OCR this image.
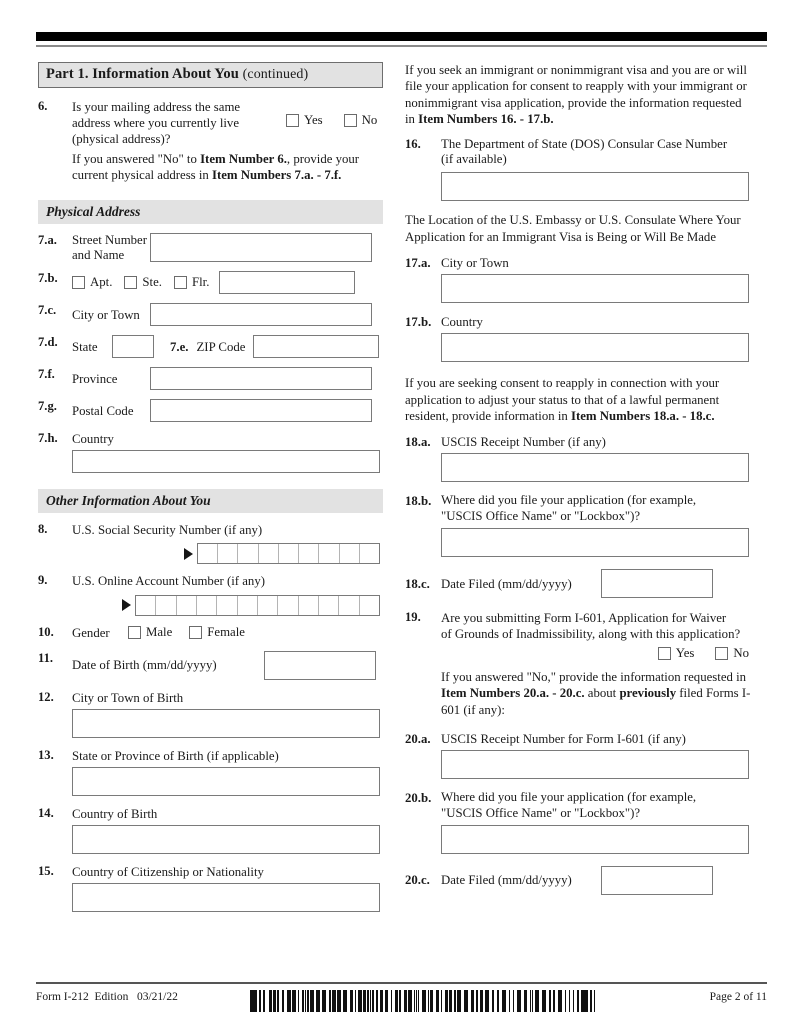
Part 1. Information About You (continued)
6. Is your mailing address the same address where you currently live (physical address)?
Yes
	No
If you answered "No" to Item Number 6., provide your current physical address in Item Numbers 7.a. - 7.f.
Physical Address
7.a. Street Number
and Name
7.b.	Apt. Ste. Flr.
7.c. City or Town
7.d. State	7.e. ZIP Code
7.f. Province
7.g. Postal Code
7.h. Country
Other Information About You
8. U.S. Social Security Number (if any)
9. U.S. Online Account Number (if any)
10. Gender	Male	Female
11.
Date of Birth (mm/dd/yyyy)
12. City or Town of Birth
13. State or Province of Birth (if applicable)
14. Country of Birth
15. Country of Citizenship or Nationality
If you seek an immigrant or nonimmigrant visa and you are or will file your application for consent to reapply with your immigrant or nonimmigrant visa application, provide the information requested in Item Numbers 16. - 17.b.
16.	The Department of State (DOS) Consular Case Number
(if available)
The Location of the U.S. Embassy or U.S. Consulate Where Your Application for an Immigrant Visa is Being or Will Be Made
17.a. City or Town
17.b. Country
If you are seeking consent to reapply in connection with your application to adjust your status to that of a lawful permanent resident, provide information in Item Numbers 18.a. - 18.c.
18.a. USCIS Receipt Number (if any)
18.b. Where did you file your application (for example,
"USCIS Office Name" or "Lockbox")?
18.c. Date Filed (mm/dd/yyyy)
19.	Are you submitting Form I-601, Application for Waiver
of Grounds of Inadmissibility, along with this application?
Yes
	No
If you answered "No," provide the information requested in Item Numbers 20.a. - 20.c. about previously filed Forms I-601 (if any):
20.a. USCIS Receipt Number for Form I-601 (if any)
20.b. Where did you file your application (for example,
"USCIS Office Name" or "Lockbox")?
20.c. Date Filed (mm/dd/yyyy)
Form I-212 Edition 03/21/22	Page 2 of 11
